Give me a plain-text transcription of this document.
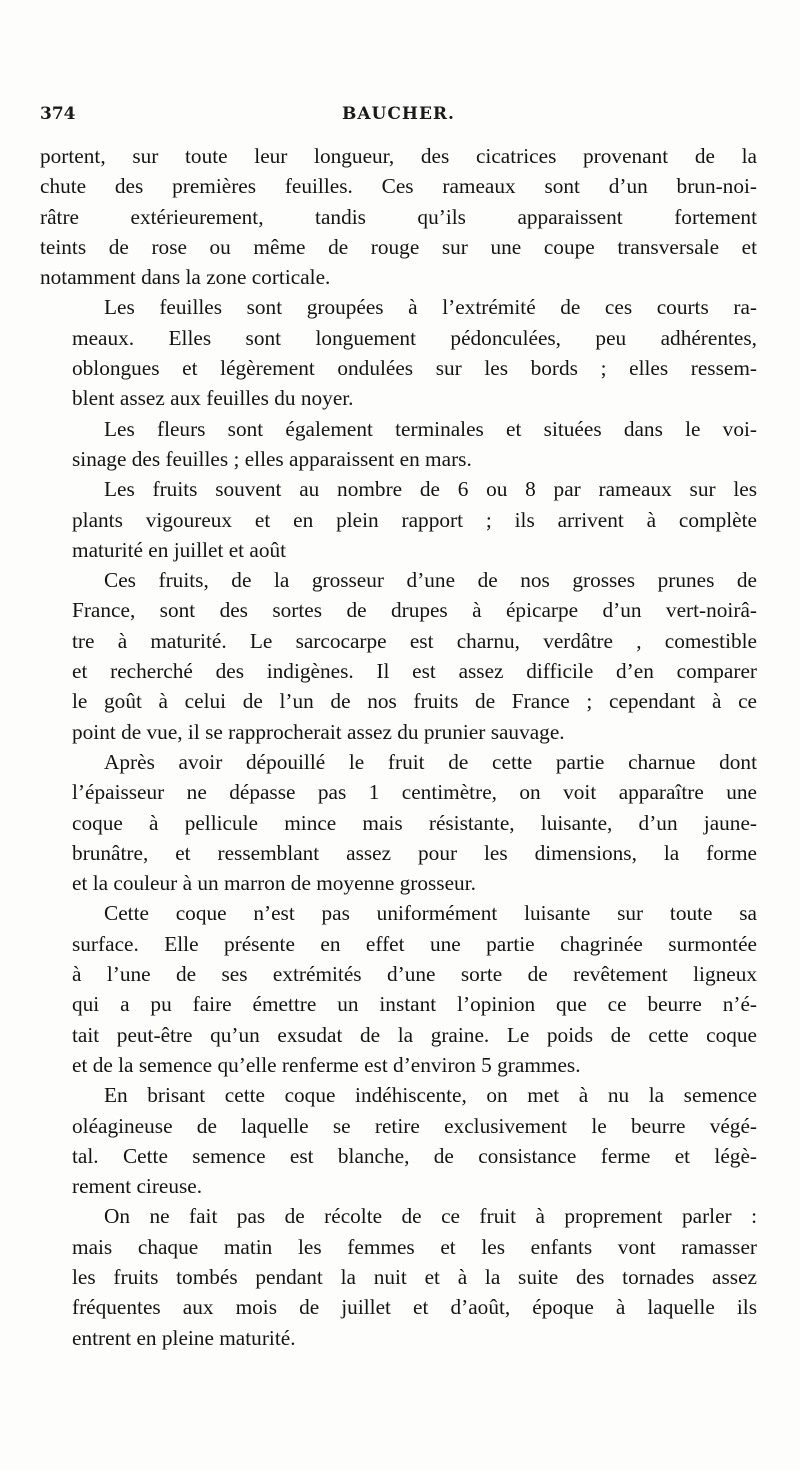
374	BAUCHER.
portent, sur toute leur longueur, des cicatrices provenant de la
chute des premières feuilles. Ces rameaux sont d’un brun-noi-
râtre extérieurement, tandis qu’ils apparaissent fortement
teints de rose ou même de rouge sur une coupe transversale et
notamment dans la zone corticale.
Les feuilles sont groupées à l’extrémité de ces courts ra-
meaux. Elles sont longuement pédonculées, peu adhérentes,
oblongues et légèrement ondulées sur les bords ; elles ressem-
blent assez aux feuilles du noyer.
Les fleurs sont également terminales et situées dans le voi-
sinage des feuilles ; elles apparaissent en mars.
Les fruits souvent au nombre de 6 ou 8 par rameaux sur les
plants vigoureux et en plein rapport ; ils arrivent à complète
maturité en juillet et août
Ces fruits, de la grosseur d’une de nos grosses prunes de
France, sont des sortes de drupes à épicarpe d’un vert-noirâ-
tre à maturité. Le sarcocarpe est charnu, verdâtre , comestible
et recherché des indigènes. Il est assez difficile d’en comparer
le goût à celui de l’un de nos fruits de France ; cependant à ce
point de vue, il se rapprocherait assez du prunier sauvage.
Après avoir dépouillé le fruit de cette partie charnue dont
l’épaisseur ne dépasse pas 1 centimètre, on voit apparaître une
coque à pellicule mince mais résistante, luisante, d’un jaune-
brunâtre, et ressemblant assez pour les dimensions, la forme
et la couleur à un marron de moyenne grosseur.
Cette coque n’est pas uniformément luisante sur toute sa
surface. Elle présente en effet une partie chagrinée surmontée
à l’une de ses extrémités d’une sorte de revêtement ligneux
qui a pu faire émettre un instant l’opinion que ce beurre n’é-
tait peut-être qu’un exsudat de la graine. Le poids de cette coque
et de la semence qu’elle renferme est d’environ 5 grammes.
En brisant cette coque indéhiscente, on met à nu la semence
oléagineuse de laquelle se retire exclusivement le beurre végé-
tal. Cette semence est blanche, de consistance ferme et légè-
rement cireuse.
On ne fait pas de récolte de ce fruit à proprement parler :
mais chaque matin les femmes et les enfants vont ramasser
les fruits tombés pendant la nuit et à la suite des tornades assez
fréquentes aux mois de juillet et d’août, époque à laquelle ils
entrent en pleine maturité.
